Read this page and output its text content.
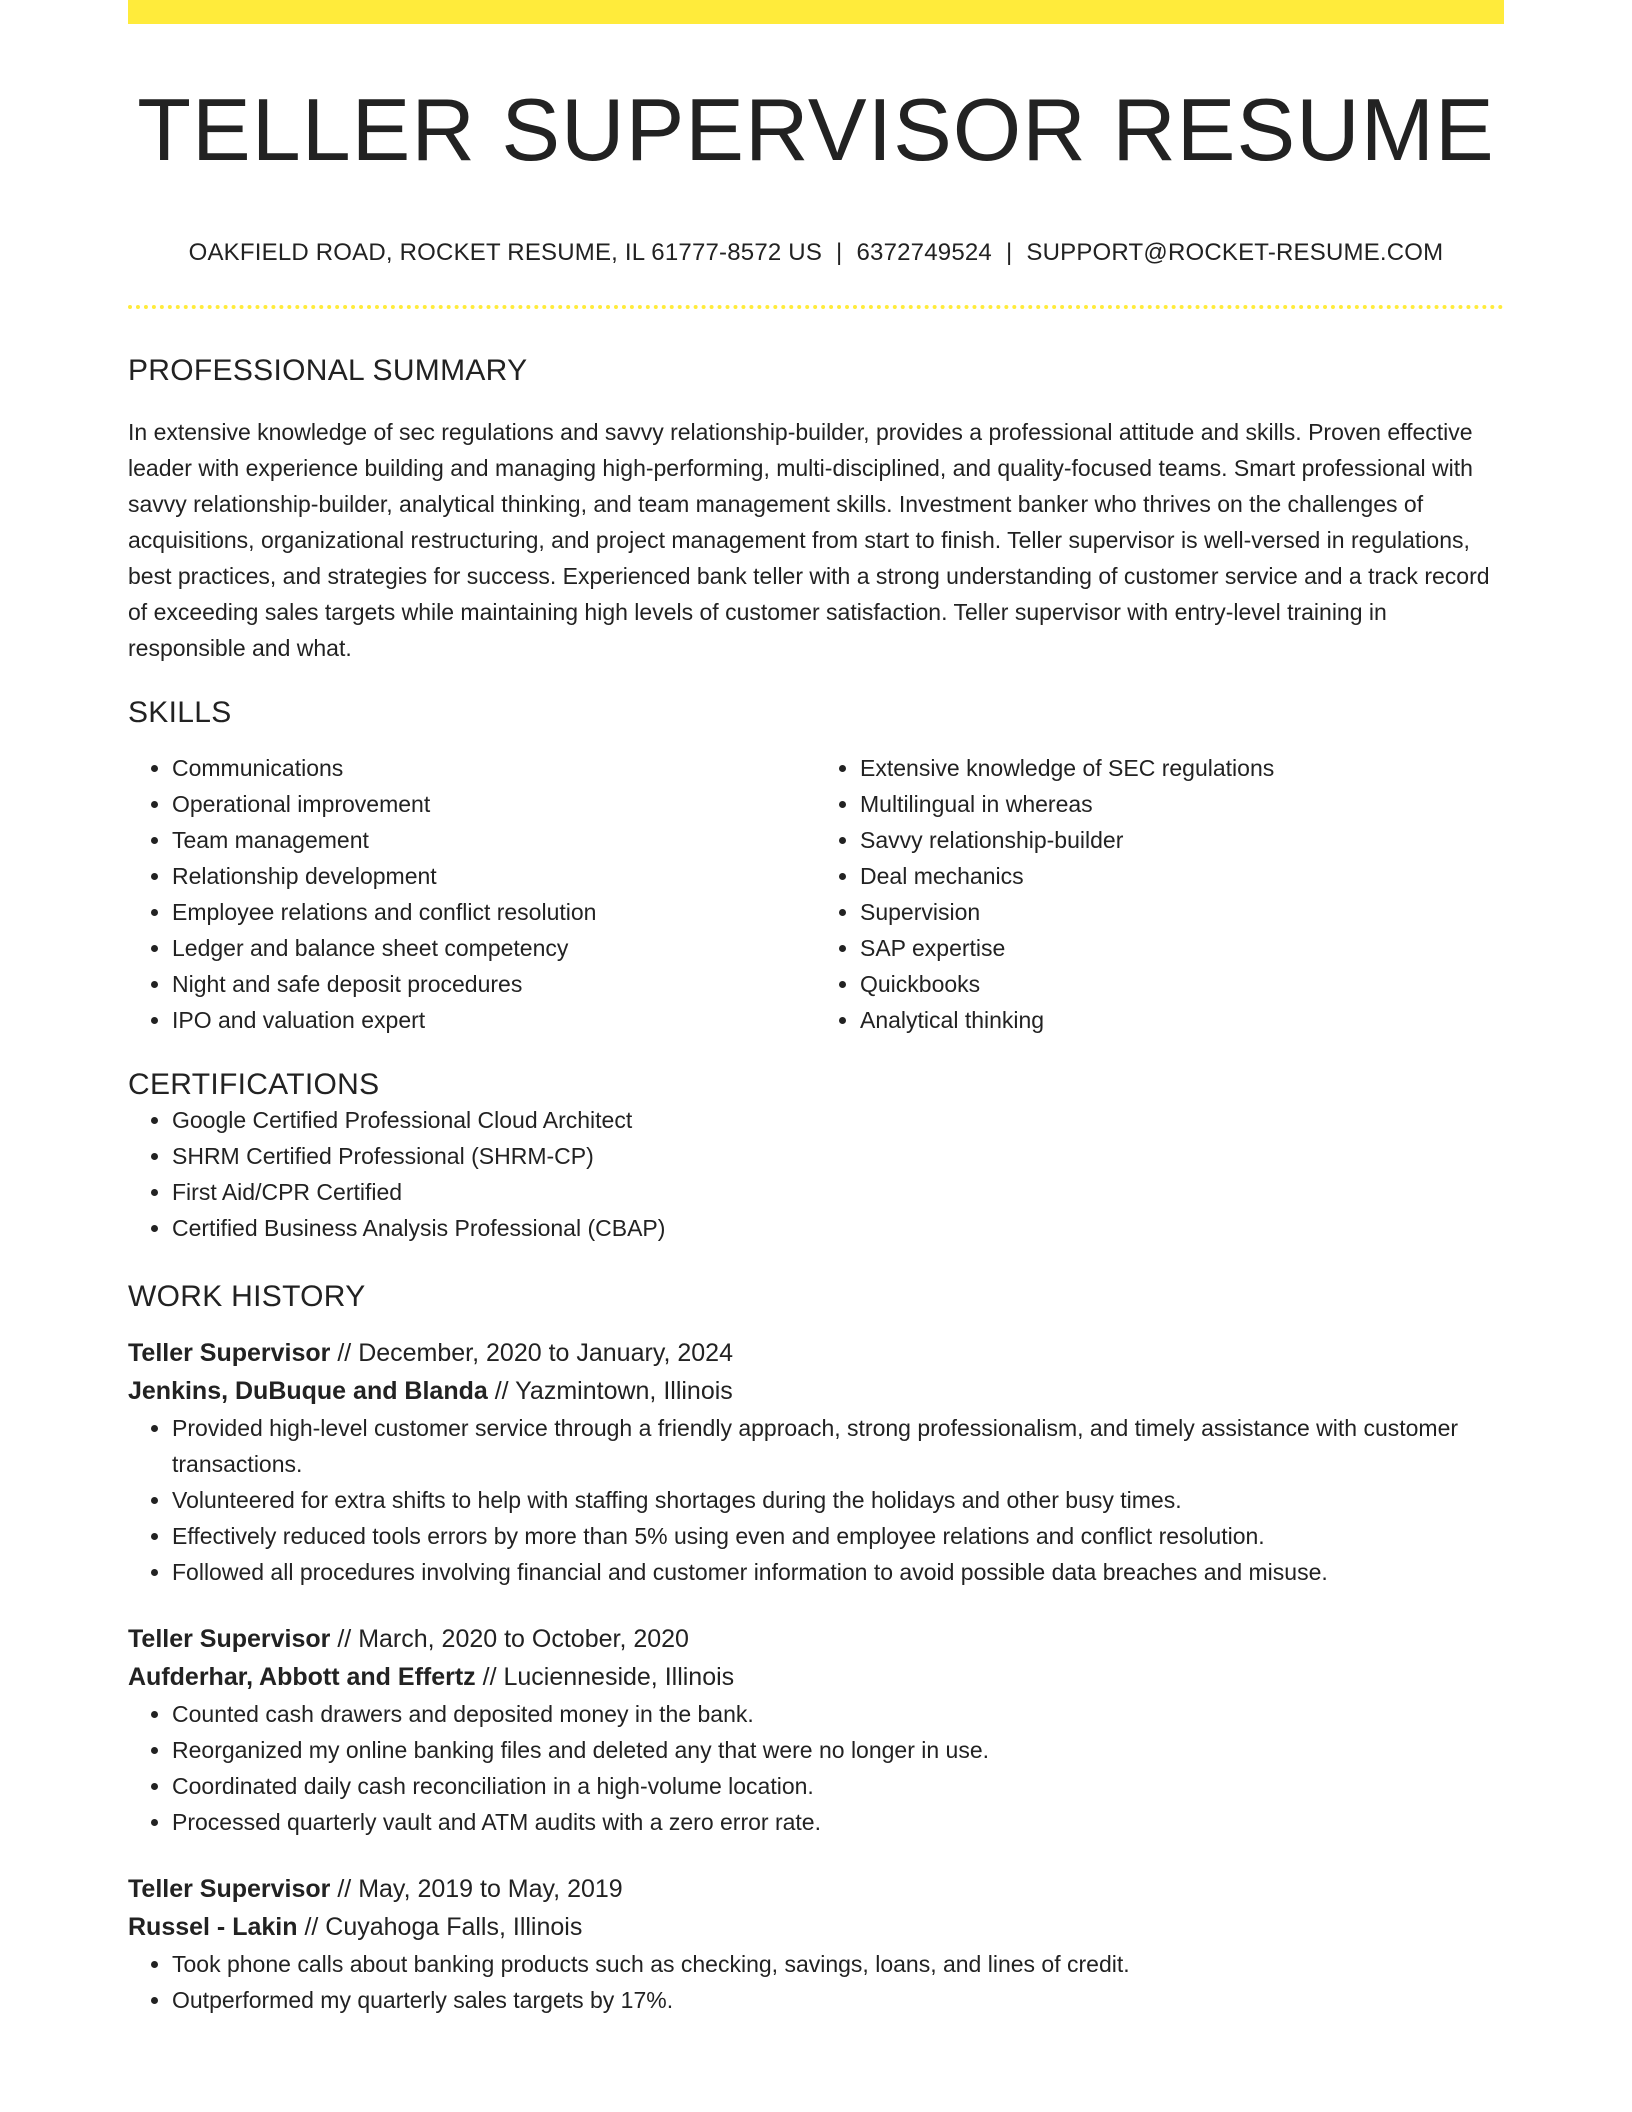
TELLER SUPERVISOR RESUME
OAKFIELD ROAD, ROCKET RESUME, IL 61777-8572 US | 6372749524 | SUPPORT@ROCKET-RESUME.COM
PROFESSIONAL SUMMARY

In extensive knowledge of sec regulations and savvy relationship-builder, provides a professional attitude and skills. Proven effective leader with experience building and managing high-performing, multi-disciplined, and quality-focused teams. Smart professional with savvy relationship-builder, analytical thinking, and team management skills. Investment banker who thrives on the challenges of acquisitions, organizational restructuring, and project management from start to finish. Teller supervisor is well-versed in regulations, best practices, and strategies for success. Experienced bank teller with a strong understanding of customer service and a track record of exceeding sales targets while maintaining high levels of customer satisfaction. Teller supervisor with entry-level training in responsible and what.

SKILLS
• Communications
• Operational improvement
• Team management
• Relationship development
• Employee relations and conflict resolution
• Ledger and balance sheet competency
• Night and safe deposit procedures
• IPO and valuation expert
• Extensive knowledge of SEC regulations
• Multilingual in whereas
• Savvy relationship-builder
• Deal mechanics
• Supervision
• SAP expertise
• Quickbooks
• Analytical thinking
CERTIFICATIONS
• Google Certified Professional Cloud Architect
• SHRM Certified Professional (SHRM-CP)
• First Aid/CPR Certified
• Certified Business Analysis Professional (CBAP)
WORK HISTORY
Teller Supervisor // December, 2020 to January, 2024
Jenkins, DuBuque and Blanda // Yazmintown, Illinois
• Provided high-level customer service through a friendly approach, strong professionalism, and timely assistance with customer transactions.
• Volunteered for extra shifts to help with staffing shortages during the holidays and other busy times.
• Effectively reduced tools errors by more than 5% using even and employee relations and conflict resolution.
• Followed all procedures involving financial and customer information to avoid possible data breaches and misuse.
Teller Supervisor // March, 2020 to October, 2020
Aufderhar, Abbott and Effertz // Lucienneside, Illinois
• Counted cash drawers and deposited money in the bank.
• Reorganized my online banking files and deleted any that were no longer in use.
• Coordinated daily cash reconciliation in a high-volume location.
• Processed quarterly vault and ATM audits with a zero error rate.
Teller Supervisor // May, 2019 to May, 2019
Russel - Lakin // Cuyahoga Falls, Illinois
• Took phone calls about banking products such as checking, savings, loans, and lines of credit.
• Outperformed my quarterly sales targets by 17%.
